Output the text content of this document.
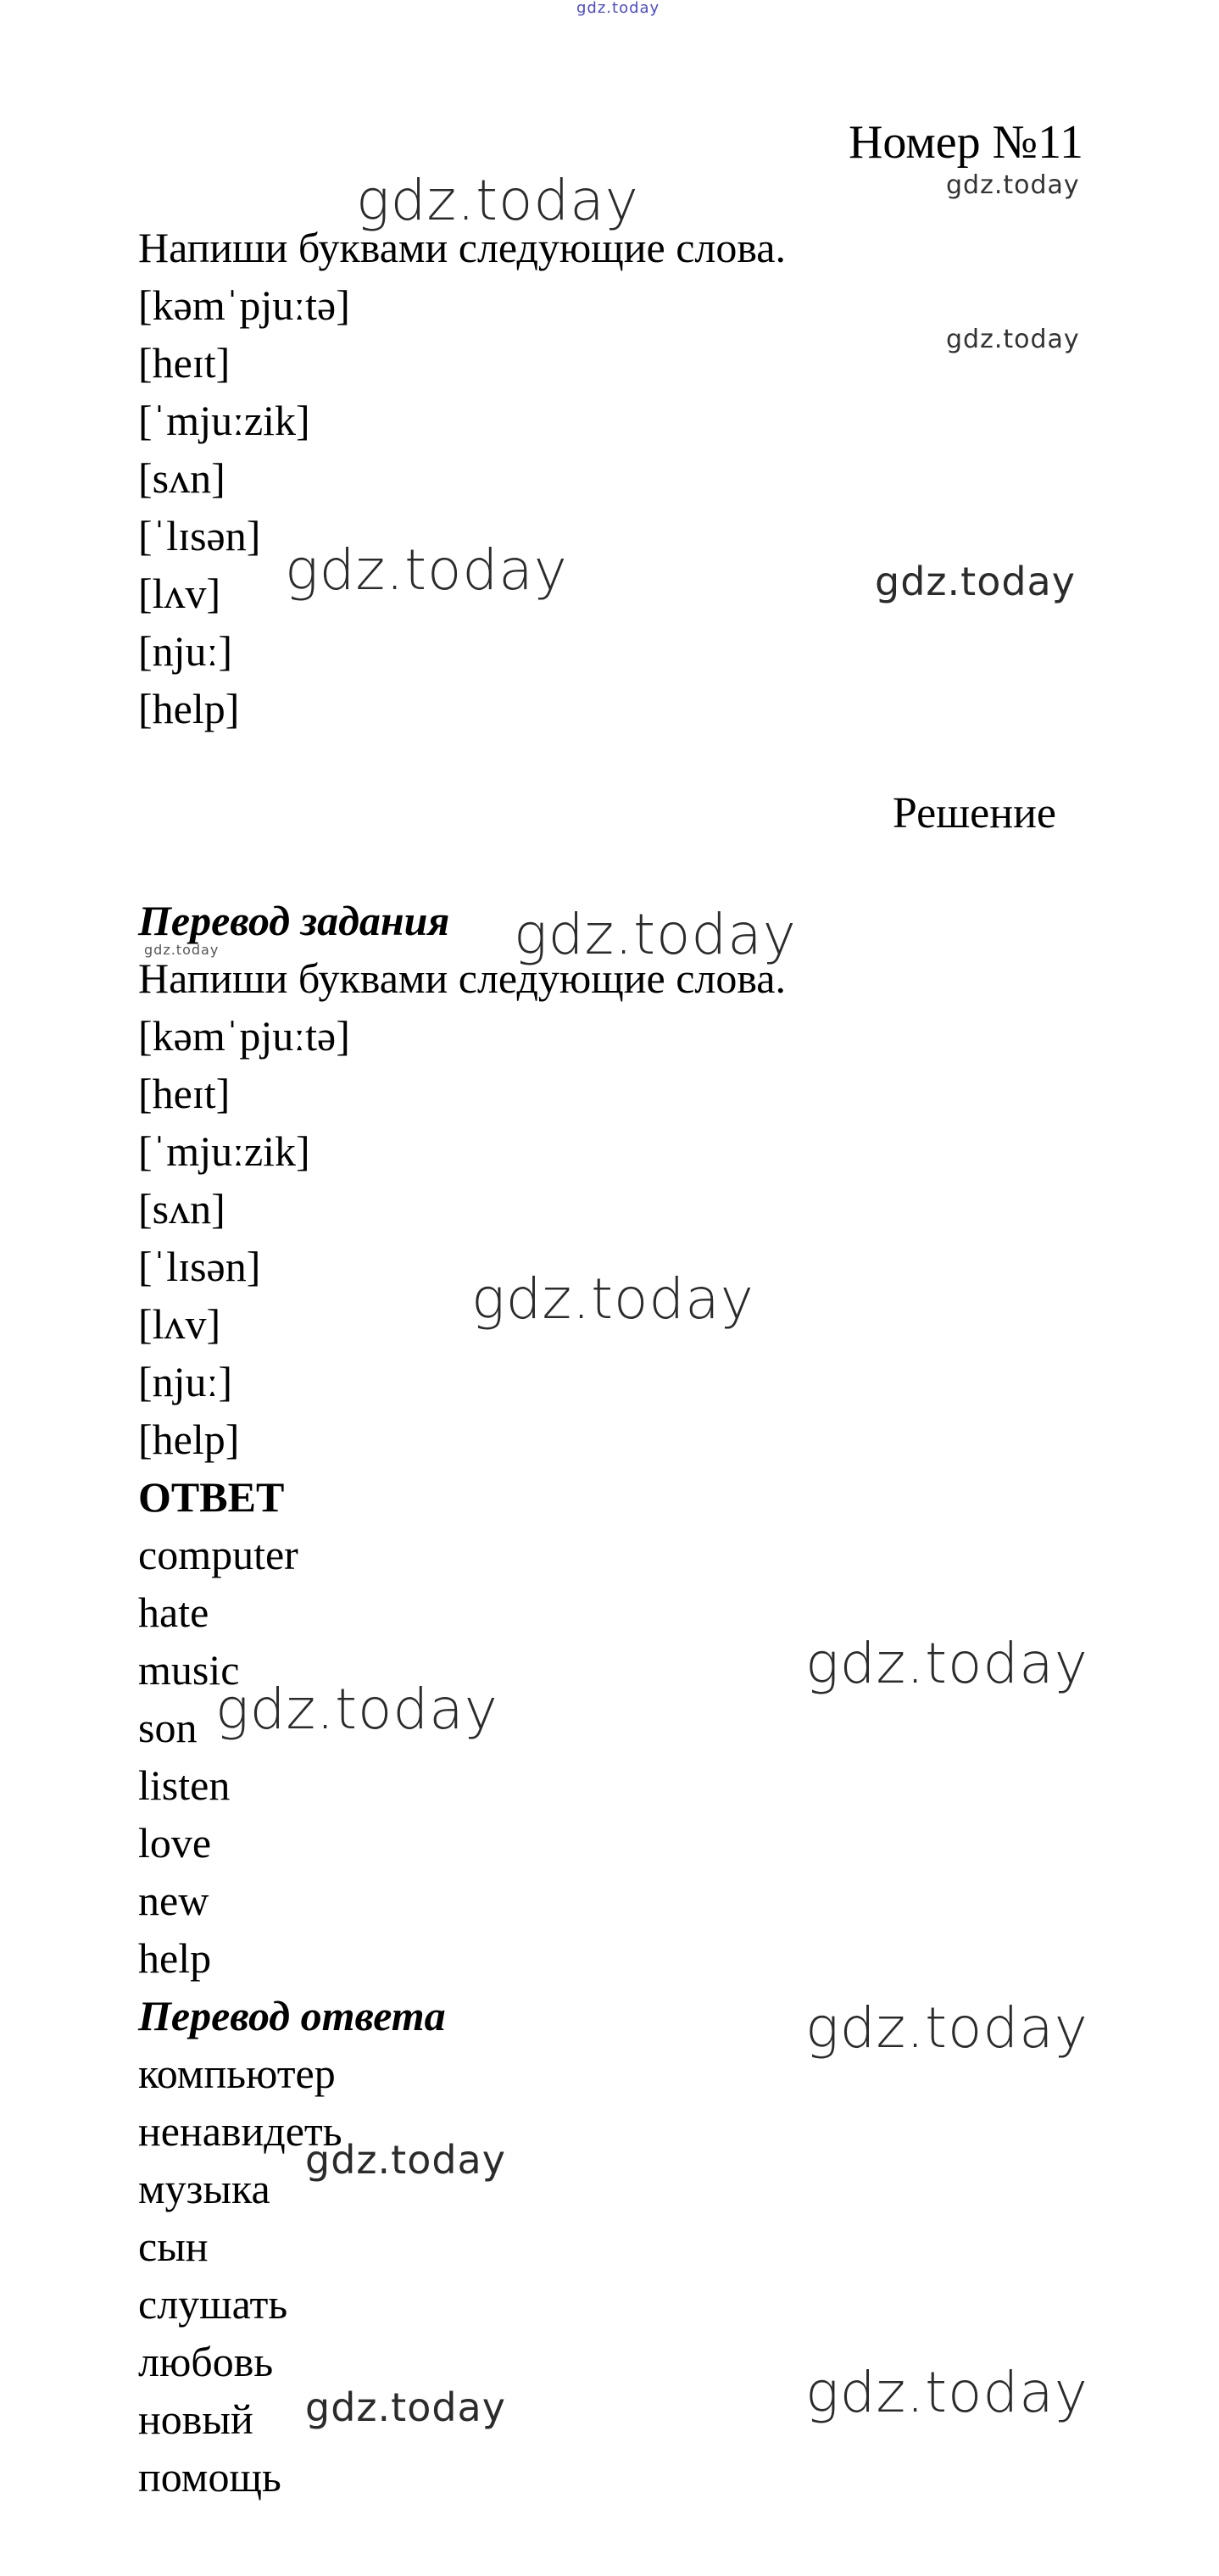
gdz.today
Номер №11
Напиши буквами следующие слова.
[kəmˈpjuːtə]
[heɪt]
[ˈmjuːzik]
[sʌn]
[ˈlɪsən]
[lʌv]
[njuː]
[help]
Решение
Перевод задания
Напиши буквами следующие слова.
[kəmˈpjuːtə]
[heɪt]
[ˈmjuːzik]
[sʌn]
[ˈlɪsən]
[lʌv]
[njuː]
[help]
ОТВЕТ
computer
hate
music
son
listen
love
new
help
Перевод ответа
компьютер
ненавидеть
музыка
сын
слушать
любовь
новый
помощь
gdz.today	gdz.today
gdz.today
gdz.today	gdz.today
gdz.today
gdz.today
gdz.today
gdz.today
gdz.today
gdz.today
gdz.today
gdz.today
gdz.today
